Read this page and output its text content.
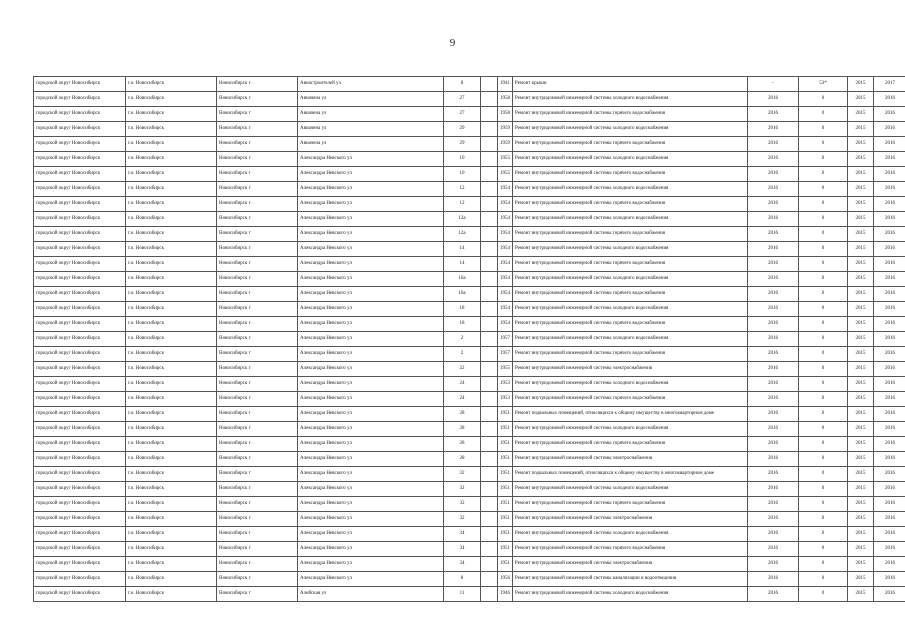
9
городской округ Новосибирск	г.о. Новосибирск	Новосибирск г	Авиастроителей ул	8		1941	Ремонт крыши	-	53*	2015	2017
городской округ Новосибирск	г.о. Новосибирск	Новосибирск г	Авиачена ул	27		1958	Ремонт внутридомовой инженерной системы холодного водоснабжения	2016	0	2015	2016
городской округ Новосибирск	г.о. Новосибирск	Новосибирск г	Авиачена ул	27		1958	Ремонт внутридомовой инженерной системы горячего водоснабжения	2016	0	2015	2016
городской округ Новосибирск	г.о. Новосибирск	Новосибирск г	Авиачена ул	29		1959	Ремонт внутридомовой инженерной системы холодного водоснабжения	2016	0	2015	2016
городской округ Новосибирск	г.о. Новосибирск	Новосибирск г	Авиачена ул	29		1959	Ремонт внутридомовой инженерной системы горячего водоснабжения	2016	0	2015	2016
городской округ Новосибирск	г.о. Новосибирск	Новосибирск г	Александра Невского ул	10		1955	Ремонт внутридомовой инженерной системы холодного водоснабжения	2016	0	2015	2016
городской округ Новосибирск	г.о. Новосибирск	Новосибирск г	Александра Невского ул	10		1955	Ремонт внутридомовой инженерной системы горячего водоснабжения	2016	0	2015	2016
городской округ Новосибирск	г.о. Новосибирск	Новосибирск г	Александра Невского ул	12		1954	Ремонт внутридомовой инженерной системы холодного водоснабжения	2016	0	2015	2016
городской округ Новосибирск	г.о. Новосибирск	Новосибирск г	Александра Невского ул	12		1954	Ремонт внутридомовой инженерной системы горячего водоснабжения	2016	0	2015	2016
городской округ Новосибирск	г.о. Новосибирск	Новосибирск г	Александра Невского ул	12а		1954	Ремонт внутридомовой инженерной системы холодного водоснабжения	2016	0	2015	2016
городской округ Новосибирск	г.о. Новосибирск	Новосибирск г	Александра Невского ул	12а		1954	Ремонт внутридомовой инженерной системы горячего водоснабжения	2016	0	2015	2016
городской округ Новосибирск	г.о. Новосибирск	Новосибирск г	Александра Невского ул	14		1954	Ремонт внутридомовой инженерной системы холодного водоснабжения	2016	0	2015	2016
городской округ Новосибирск	г.о. Новосибирск	Новосибирск г	Александра Невского ул	14		1954	Ремонт внутридомовой инженерной системы горячего водоснабжения	2016	0	2015	2016
городской округ Новосибирск	г.о. Новосибирск	Новосибирск г	Александра Невского ул	16а		1954	Ремонт внутридомовой инженерной системы холодного водоснабжения	2016	0	2015	2016
городской округ Новосибирск	г.о. Новосибирск	Новосибирск г	Александра Невского ул	16а		1954	Ремонт внутридомовой инженерной системы горячего водоснабжения	2016	0	2015	2016
городской округ Новосибирск	г.о. Новосибирск	Новосибирск г	Александра Невского ул	18		1954	Ремонт внутридомовой инженерной системы холодного водоснабжения	2016	0	2015	2016
городской округ Новосибирск	г.о. Новосибирск	Новосибирск г	Александра Невского ул	18		1954	Ремонт внутридомовой инженерной системы горячего водоснабжения	2016	0	2015	2016
городской округ Новосибирск	г.о. Новосибирск	Новосибирск г	Александра Невского ул	2		1957	Ремонт внутридомовой инженерной системы холодного водоснабжения	2016	0	2015	2016
городской округ Новосибирск	г.о. Новосибирск	Новосибирск г	Александра Невского ул	2		1957	Ремонт внутридомовой инженерной системы горячего водоснабжения	2016	0	2015	2016
городской округ Новосибирск	г.о. Новосибирск	Новосибирск г	Александра Невского ул	22		1955	Ремонт внутридомовой инженерной системы электроснабжения	2016	0	2015	2016
городской округ Новосибирск	г.о. Новосибирск	Новосибирск г	Александра Невского ул	24		1953	Ремонт внутридомовой инженерной системы холодного водоснабжения	2016	0	2015	2016
городской округ Новосибирск	г.о. Новосибирск	Новосибирск г	Александра Невского ул	24		1953	Ремонт внутридомовой инженерной системы горячего водоснабжения	2016	0	2015	2016
городской округ Новосибирск	г.о. Новосибирск	Новосибирск г	Александра Невского ул	28		1951	Ремонт подвальных помещений, относящихся к общему имуществу в многоквартирном доме	2016	0	2015	2016
городской округ Новосибирск	г.о. Новосибирск	Новосибирск г	Александра Невского ул	28		1951	Ремонт внутридомовой инженерной системы холодного водоснабжения	2016	0	2015	2016
городской округ Новосибирск	г.о. Новосибирск	Новосибирск г	Александра Невского ул	28		1951	Ремонт внутридомовой инженерной системы горячего водоснабжения	2016	0	2015	2016
городской округ Новосибирск	г.о. Новосибирск	Новосибирск г	Александра Невского ул	28		1951	Ремонт внутридомовой инженерной системы электроснабжения	2016	0	2015	2016
городской округ Новосибирск	г.о. Новосибирск	Новосибирск г	Александра Невского ул	32		1951	Ремонт подвальных помещений, относящихся к общему имуществу в многоквартирном доме	2016	0	2015	2016
городской округ Новосибирск	г.о. Новосибирск	Новосибирск г	Александра Невского ул	32		1951	Ремонт внутридомовой инженерной системы холодного водоснабжения	2016	0	2015	2016
городской округ Новосибирск	г.о. Новосибирск	Новосибирск г	Александра Невского ул	32		1951	Ремонт внутридомовой инженерной системы горячего водоснабжения	2016	0	2015	2016
городской округ Новосибирск	г.о. Новосибирск	Новосибирск г	Александра Невского ул	32		1951	Ремонт внутридомовой инженерной системы электроснабжения	2016	0	2015	2016
городской округ Новосибирск	г.о. Новосибирск	Новосибирск г	Александра Невского ул	34		1951	Ремонт внутридомовой инженерной системы холодного водоснабжения	2016	0	2015	2016
городской округ Новосибирск	г.о. Новосибирск	Новосибирск г	Александра Невского ул	34		1951	Ремонт внутридомовой инженерной системы горячего водоснабжения	2016	0	2015	2016
городской округ Новосибирск	г.о. Новосибирск	Новосибирск г	Александра Невского ул	34		1951	Ремонт внутридомовой инженерной системы электроснабжения	2016	0	2015	2016
городской округ Новосибирск	г.о. Новосибирск	Новосибирск г	Александра Невского ул	8		1956	Ремонт внутридомовой инженерной системы канализации и водоотведения	2016	0	2015	2016
городской округ Новосибирск	г.о. Новосибирск	Новосибирск г	Алейская ул	11		1946	Ремонт внутридомовой инженерной системы холодного водоснабжения	2016	0	2015	2016
